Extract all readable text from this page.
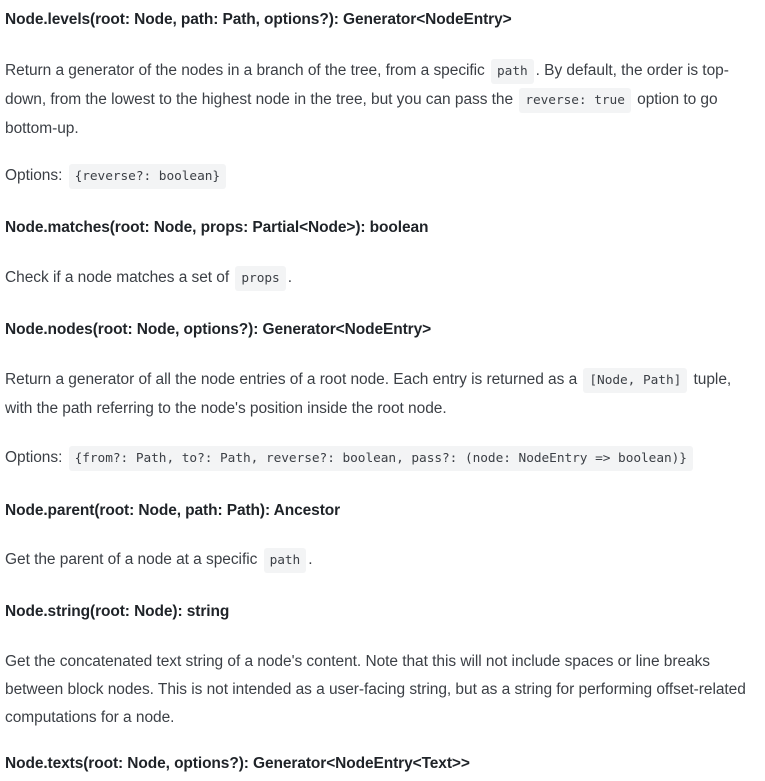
Node.levels(root: Node, path: Path, options?): Generator<NodeEntry>

Return a generator of the nodes in a branch of the tree, from a specific path . By default, the order is top-down, from the lowest to the highest node in the tree, but you can pass the reverse: true option to go bottom-up.

Options: {reverse?: boolean}

Node.matches(root: Node, props: Partial<Node>): boolean

Check if a node matches a set of props .

Node.nodes(root: Node, options?): Generator<NodeEntry>

Return a generator of all the node entries of a root node. Each entry is returned as a [Node, Path] tuple, with the path referring to the node's position inside the root node.

Options: {from?: Path, to?: Path, reverse?: boolean, pass?: (node: NodeEntry => boolean)}

Node.parent(root: Node, path: Path): Ancestor

Get the parent of a node at a specific path .

Node.string(root: Node): string

Get the concatenated text string of a node's content. Note that this will not include spaces or line breaks between block nodes. This is not intended as a user-facing string, but as a string for performing offset-related computations for a node.

Node.texts(root: Node, options?): Generator<NodeEntry<Text>>
